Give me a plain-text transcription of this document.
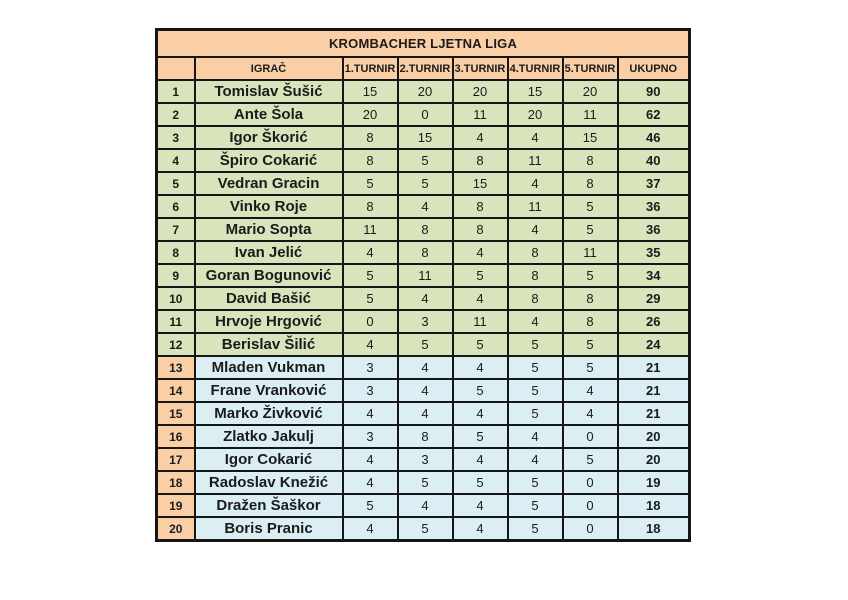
KROMBACHER LJETNA LIGA							
	IGRAČ	1.TURNIR	2.TURNIR	3.TURNIR	4.TURNIR	5.TURNIR	UKUPNO
1	Tomislav Šušić	15	20	20	15	20	90
2	Ante Šola	20	0	11	20	11	62
3	Igor Škorić	8	15	4	4	15	46
4	Špiro Cokarić	8	5	8	11	8	40
5	Vedran Gracin	5	5	15	4	8	37
6	Vinko Roje	8	4	8	11	5	36
7	Mario Sopta	11	8	8	4	5	36
8	Ivan Jelić	4	8	4	8	11	35
9	Goran Bogunović	5	11	5	8	5	34
10	David Bašić	5	4	4	8	8	29
11	Hrvoje Hrgović	0	3	11	4	8	26
12	Berislav Šilić	4	5	5	5	5	24
13	Mladen Vukman	3	4	4	5	5	21
14	Frane Vranković	3	4	5	5	4	21
15	Marko Živković	4	4	4	5	4	21
16	Zlatko Jakulj	3	8	5	4	0	20
17	Igor Cokarić	4	3	4	4	5	20
18	Radoslav Knežić	4	5	5	5	0	19
19	Dražen Šaškor	5	4	4	5	0	18
20	Boris Pranic	4	5	4	5	0	18
